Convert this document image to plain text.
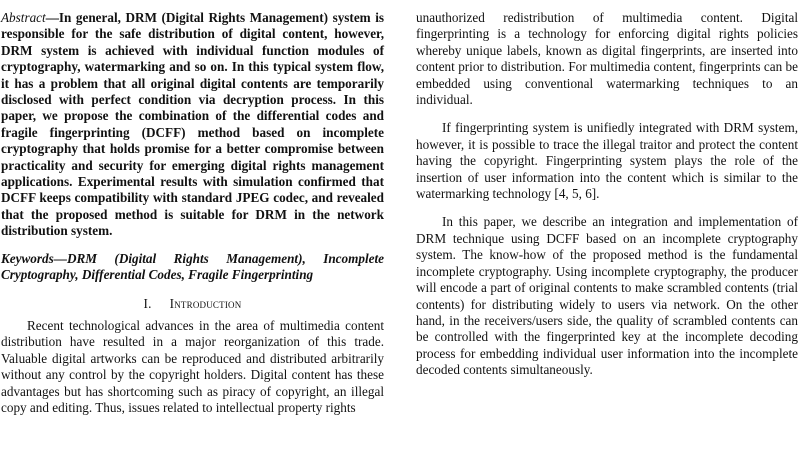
Abstract—In general, DRM (Digital Rights Management) system is responsible for the safe distribution of digital content, however, DRM system is achieved with individual function modules of cryptography, watermarking and so on. In this typical system flow, it has a problem that all original digital contents are temporarily disclosed with perfect condition via decryption process. In this paper, we propose the combination of the differential codes and fragile fingerprinting (DCFF) method based on incomplete cryptography that holds promise for a better compromise between practicality and security for emerging digital rights management applications. Experimental results with simulation confirmed that DCFF keeps compatibility with standard JPEG codec, and revealed that the proposed method is suitable for DRM in the network distribution system.

Keywords—DRM (Digital Rights Management), Incomplete Cryptography, Differential Codes, Fragile Fingerprinting

I. Introduction

Recent technological advances in the area of multimedia content distribution have resulted in a major reorganization of this trade. Valuable digital artworks can be reproduced and distributed arbitrarily without any control by the copyright holders. Digital content has these advantages but has shortcoming such as piracy of copyright, an illegal copy and editing. Thus, issues related to intellectual property rights

unauthorized redistribution of multimedia content. Digital fingerprinting is a technology for enforcing digital rights policies whereby unique labels, known as digital fingerprints, are inserted into content prior to distribution. For multimedia content, fingerprints can be embedded using conventional watermarking techniques to an individual.

If fingerprinting system is unifiedly integrated with DRM system, however, it is possible to trace the illegal traitor and protect the content having the copyright. Fingerprinting system plays the role of the insertion of user information into the content which is similar to the watermarking technology [4, 5, 6].

In this paper, we describe an integration and implementation of DRM technique using DCFF based on an incomplete cryptography system. The know-how of the proposed method is the fundamental incomplete cryptography. Using incomplete cryptography, the producer will encode a part of original contents to make scrambled contents (trial contents) for distributing widely to users via network. On the other hand, in the receivers/users side, the quality of scrambled contents can be controlled with the fingerprinted key at the incomplete decoding process for embedding individual user information into the incomplete decoded contents simultaneously.
